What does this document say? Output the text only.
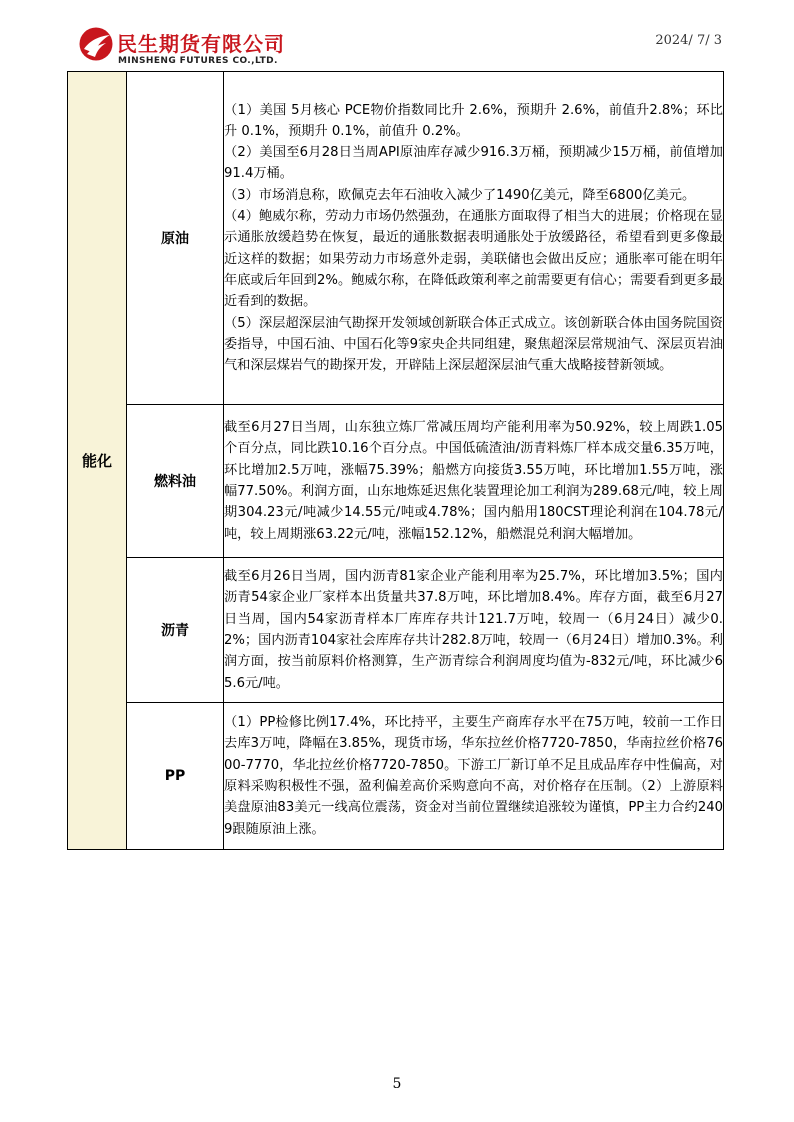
民生期货有限公司
MINSHENG FUTURES CO.,LTD.
2024/ 7/ 3
能化	原油	（1）美国 5月核心 PCE物价指数同比升 2.6%，预期升 2.6%，前值升2.8%；环比升 0.1%，预期升 0.1%，前值升 0.2%。

（2）美国至6月28日当周API原油库存减少916.3万桶，预期减少15万桶，前值增加91.4万桶。

（3）市场消息称，欧佩克去年石油收入减少了1490亿美元，降至6800亿美元。

（4）鲍威尔称，劳动力市场仍然强劲，在通胀方面取得了相当大的进展；价格现在显示通胀放缓趋势在恢复，最近的通胀数据表明通胀处于放缓路径，希望看到更多像最近这样的数据；如果劳动力市场意外走弱，美联储也会做出反应；通胀率可能在明年年底或后年回到2%。鲍威尔称，在降低政策利率之前需要更有信心；需要看到更多最近看到的数据。

（5）深层超深层油气勘探开发领域创新联合体正式成立。该创新联合体由国务院国资委指导，中国石油、中国石化等9家央企共同组建，聚焦超深层常规油气、深层页岩油气和深层煤岩气的勘探开发，开辟陆上深层超深层油气重大战略接替新领域。

	燃料油	截至6月27日当周，山东独立炼厂常减压周均产能利用率为50.92%，较上周跌1.05个百分点，同比跌10.16个百分点。中国低硫渣油/沥青料炼厂样本成交量6.35万吨，环比增加2.5万吨，涨幅75.39%；船燃方向接货3.55万吨，环比增加1.55万吨，涨幅77.50%。利润方面，山东地炼延迟焦化装置理论加工利润为289.68元/吨，较上周期304.23元/吨减少14.55元/吨或4.78%；国内船用180CST理论利润在104.78元/吨，较上周期涨63.22元/吨，涨幅152.12%，船燃混兑利润大幅增加。

	沥青	截至6月26日当周，国内沥青81家企业产能利用率为25.7%，环比增加3.5%；国内沥青54家企业厂家样本出货量共37.8万吨，环比增加8.4%。库存方面，截至6月27日当周，国内54家沥青样本厂库库存共计121.7万吨，较周一（6月24日）减少0.2%；国内沥青104家社会库库存共计282.8万吨，较周一（6月24日）增加0.3%。利润方面，按当前原料价格测算，生产沥青综合利润周度均值为-832元/吨，环比减少65.6元/吨。

	PP	（1）PP检修比例17.4%，环比持平，主要生产商库存水平在75万吨，较前一工作日去库3万吨，降幅在3.85%，现货市场，华东拉丝价格7720-7850，华南拉丝价格7600-7770，华北拉丝价格7720-7850。下游工厂新订单不足且成品库存中性偏高，对原料采购积极性不强，盈利偏差高价采购意向不高，对价格存在压制。（2）上游原料美盘原油83美元一线高位震荡，资金对当前位置继续追涨较为谨慎，PP主力合约2409跟随原油上涨。

5
